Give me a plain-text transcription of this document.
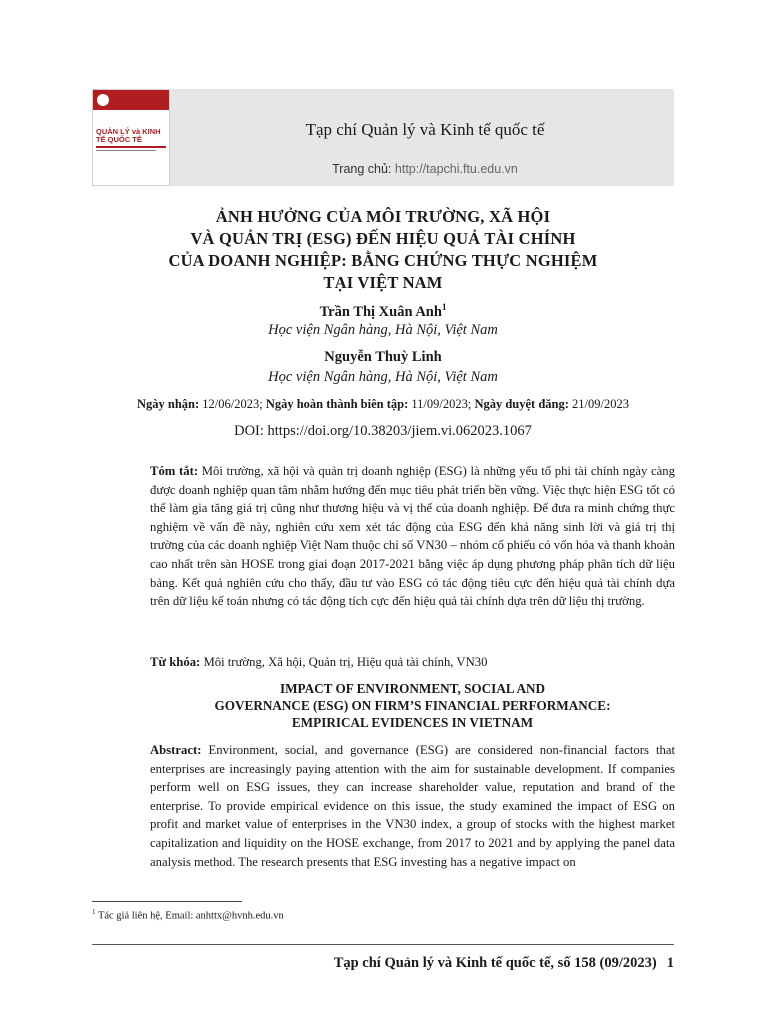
QUẢN LÝ và KINH TẾ QUỐC TẾ	Tạp chí Quản lý và Kinh tế quốc tế
Trang chủ: http://tapchi.ftu.edu.vn
ẢNH HƯỞNG CỦA MÔI TRƯỜNG, XÃ HỘI
VÀ QUẢN TRỊ (ESG) ĐẾN HIỆU QUẢ TÀI CHÍNH
CỦA DOANH NGHIỆP: BẰNG CHỨNG THỰC NGHIỆM
TẠI VIỆT NAM
Trần Thị Xuân Anh$^1$
Học viện Ngân hàng, Hà Nội, Việt Nam
Nguyễn Thuỳ Linh
Học viện Ngân hàng, Hà Nội, Việt Nam
Ngày nhận: 12/06/2023; Ngày hoàn thành biên tập: 11/09/2023; Ngày duyệt đăng: 21/09/2023
DOI: https://doi.org/10.38203/jiem.vi.062023.1067
Tóm tắt: Môi trường, xã hội và quản trị doanh nghiệp (ESG) là những yếu tố phi tài chính ngày càng được doanh nghiệp quan tâm nhằm hướng đến mục tiêu phát triển bền vững. Việc thực hiện ESG tốt có thể làm gia tăng giá trị cũng như thương hiệu và vị thế của doanh nghiệp. Để đưa ra minh chứng thực nghiệm về vấn đề này, nghiên cứu xem xét tác động của ESG đến khả năng sinh lời và giá trị thị trường của các doanh nghiệp Việt Nam thuộc chỉ số VN30 – nhóm cổ phiếu có vốn hóa và thanh khoản cao nhất trên sàn HOSE trong giai đoạn 2017-2021 bằng việc áp dụng phương pháp phân tích dữ liệu bảng. Kết quả nghiên cứu cho thấy, đầu tư vào ESG có tác động tiêu cực đến hiệu quả tài chính dựa trên dữ liệu kế toán nhưng có tác động tích cực đến hiệu quả tài chính dựa trên dữ liệu thị trường.
Từ khóa: Môi trường, Xã hội, Quản trị, Hiệu quả tài chính, VN30
IMPACT OF ENVIRONMENT, SOCIAL AND
GOVERNANCE (ESG) ON FIRM’S FINANCIAL PERFORMANCE:
EMPIRICAL EVIDENCES IN VIETNAM
Abstract: Environment, social, and governance (ESG) are considered non-financial factors that enterprises are increasingly paying attention with the aim for sustainable development. If companies perform well on ESG issues, they can increase shareholder value, reputation and brand of the enterprise. To provide empirical evidence on this issue, the study examined the impact of ESG on profit and market value of enterprises in the VN30 index, a group of stocks with the highest market capitalization and liquidity on the HOSE exchange, from 2017 to 2021 and by applying the panel data analysis method. The research presents that ESG investing has a negative impact on
$^1$ Tác giả liên hệ, Email: anhttx@hvnh.edu.vn
Tạp chí Quản lý và Kinh tế quốc tế, số 158 (09/2023) 1
